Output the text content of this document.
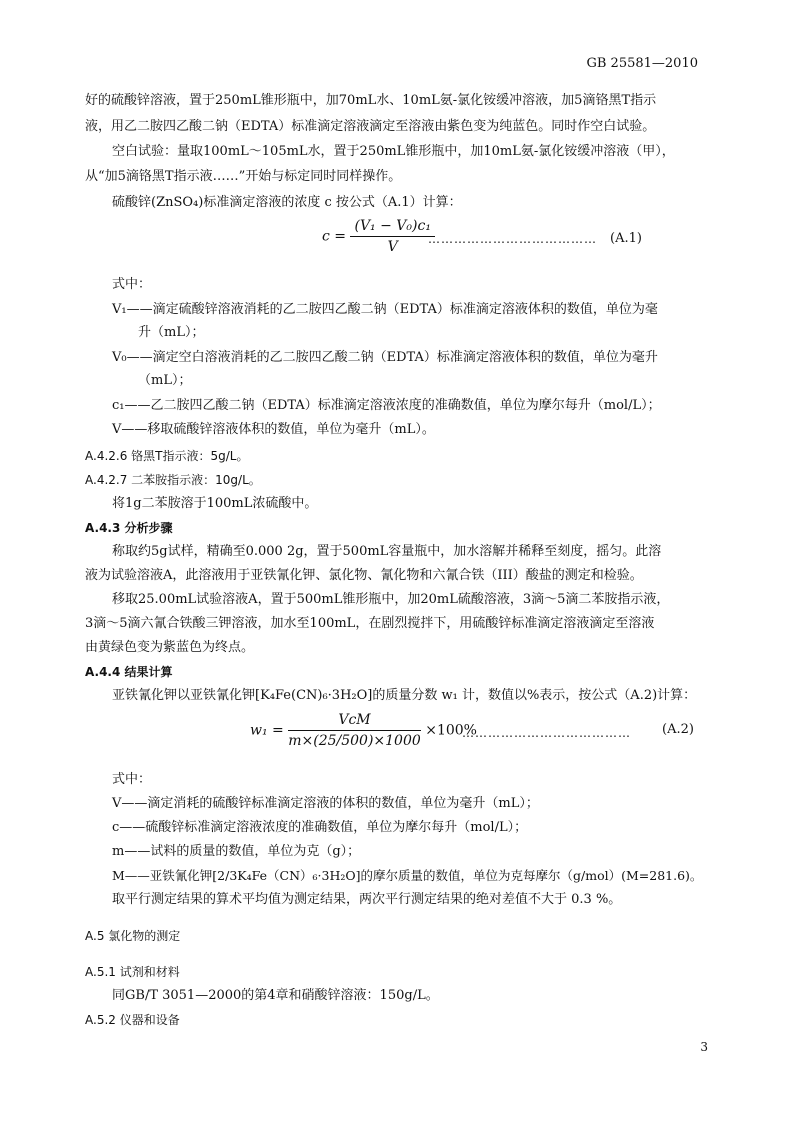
GB 25581—2010
好的硫酸锌溶液，置于250mL锥形瓶中，加70mL水、10mL氨-氯化铵缓冲溶液，加5滴铬黑T指示
液，用乙二胺四乙酸二钠（EDTA）标准滴定溶液滴定至溶液由紫色变为纯蓝色。同时作空白试验。
空白试验：量取100mL～105mL水，置于250mL锥形瓶中，加10mL氨-氯化铵缓冲溶液（甲），
从“加5滴铬黑T指示液……”开始与标定同时同样操作。
硫酸锌(ZnSO₄)标准滴定溶液的浓度 c 按公式（A.1）计算：
$c = \frac{\text{(V₁ − V₀)c₁}}{V}$
………………………………… (A.1)
式中：
V₁——滴定硫酸锌溶液消耗的乙二胺四乙酸二钠（EDTA）标准滴定溶液体积的数值，单位为毫
升（mL）；
V₀——滴定空白溶液消耗的乙二胺四乙酸二钠（EDTA）标准滴定溶液体积的数值，单位为毫升
（mL）；
c₁——乙二胺四乙酸二钠（EDTA）标准滴定溶液浓度的准确数值，单位为摩尔每升（mol/L）；
V——移取硫酸锌溶液体积的数值，单位为毫升（mL）。
A.4.2.6 铬黑T指示液：5g/L。
A.4.2.7 二苯胺指示液：10g/L。
将1g二苯胺溶于100mL浓硫酸中。
A.4.3 分析步骤
称取约5g试样，精确至0.000 2g，置于500mL容量瓶中，加水溶解并稀释至刻度，摇匀。此溶
液为试验溶液A，此溶液用于亚铁氰化钾、氯化物、氰化物和六氰合铁（III）酸盐的测定和检验。
移取25.00mL试验溶液A，置于500mL锥形瓶中，加20mL硫酸溶液，3滴～5滴二苯胺指示液，
3滴～5滴六氰合铁酸三钾溶液，加水至100mL，在剧烈搅拌下，用硫酸锌标准滴定溶液滴定至溶液
由黄绿色变为紫蓝色为终点。
A.4.4 结果计算
亚铁氰化钾以亚铁氰化钾[K₄Fe(CN)₆·3H₂O]的质量分数 w₁ 计，数值以%表示，按公式（A.2)计算：
$w_1 = \frac{\text{VcM}}{m\times(25/500)\times 1000} \times 100\%$
………………………………… (A.2)
式中：
V——滴定消耗的硫酸锌标准滴定溶液的体积的数值，单位为毫升（mL）；
c——硫酸锌标准滴定溶液浓度的准确数值，单位为摩尔每升（mol/L）；
m——试料的质量的数值，单位为克（g）；
M——亚铁氰化钾[2/3K₄Fe（CN）₆·3H₂O]的摩尔质量的数值，单位为克每摩尔（g/mol）(M=281.6)。
取平行测定结果的算术平均值为测定结果，两次平行测定结果的绝对差值不大于 0.3 %。
A.5 氯化物的测定
A.5.1 试剂和材料
同GB/T 3051—2000的第4章和硝酸锌溶液：150g/L。
A.5.2 仪器和设备
3
